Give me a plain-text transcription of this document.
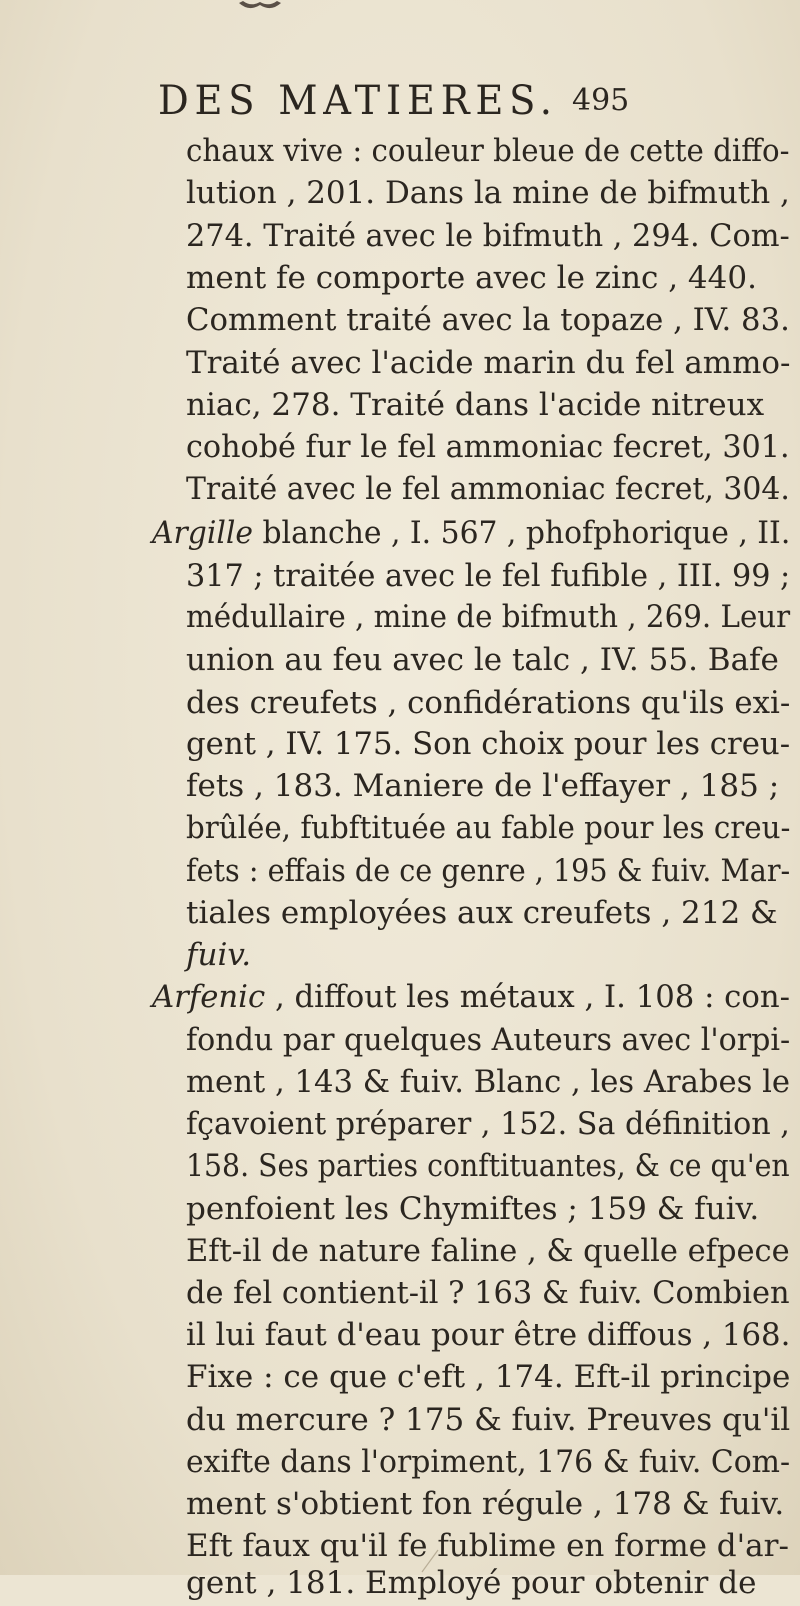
DES MATIERES. 495
chaux vive : couleur bleue de cette diffo-
lution , 201. Dans la mine de bifmuth ,
274. Traité avec le bifmuth , 294. Com-
ment fe comporte avec le zinc , 440.
Comment traité avec la topaze , IV. 83.
Traité avec l'acide marin du fel ammo-
niac, 278. Traité dans l'acide nitreux
cohobé fur le fel ammoniac fecret, 301.
Traité avec le fel ammoniac fecret, 304.
Argille blanche , I. 567 , phofphorique , II.
317 ; traitée avec le fel fufible , III. 99 ;
médullaire , mine de bifmuth , 269. Leur
union au feu avec le talc , IV. 55. Bafe
des creufets , confidérations qu'ils exi-
gent , IV. 175. Son choix pour les creu-
fets , 183. Maniere de l'effayer , 185 ;
brûlée, fubftituée au fable pour les creu-
fets : effais de ce genre , 195 & fuiv. Mar-
tiales employées aux creufets , 212 &
fuiv.
Arfenic , diffout les métaux , I. 108 : con-
fondu par quelques Auteurs avec l'orpi-
ment , 143 & fuiv. Blanc , les Arabes le
fçavoient préparer , 152. Sa définition ,
158. Ses parties conftituantes, & ce qu'en
penfoient les Chymiftes ; 159 & fuiv.
Eft-il de nature faline , & quelle efpece
de fel contient-il ? 163 & fuiv. Combien
il lui faut d'eau pour être diffous , 168.
Fixe : ce que c'eft , 174. Eft-il principe
du mercure ? 175 & fuiv. Preuves qu'il
exifte dans l'orpiment, 176 & fuiv. Com-
ment s'obtient fon régule , 178 & fuiv.
Eft faux qu'il fe fublime en forme d'ar-
gent , 181. Employé pour obtenir de
